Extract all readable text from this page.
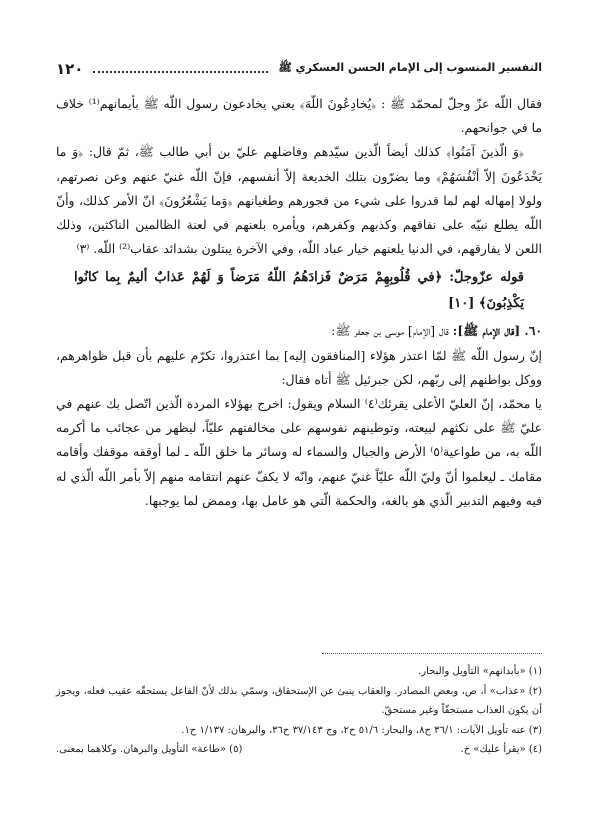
١٢٠	التفسير المنسوب إلى الإمام الحسن العسكري ﷺ

فقال اللّه عزّ وجلّ لمحمّد ﷺ : ﴿يُخادِعُونَ اللّهَ﴾ يعني يخادعون رسول اللّه ﷺ بأيمانهم⁽¹⁾ خلاف ما في جوانحهم.

﴿وَ الّذينَ آمَنُوا﴾ كذلك أيضاً الّذين سيّدهم وفاضلهم عليّ بن أبي طالب ﷺ، ثمّ قال: ﴿وَ ما يَخْدَعُونَ إلاّ أنْفُسَهُمْ﴾ وما يضرّون بتلك الخديعة إلاّ أنفسهم، فإنّ اللّه غنيّ عنهم وعن نصرتهم، ولولا إمهاله لهم لما قدروا على شيء من فجورهم وطغيانهم ﴿وَما يَشْعُرُونَ﴾ انّ الأمر كذلك، وأنّ اللّه يطلع نبيّه على نفاقهم وكذبهم وكفرهم، ويأمره بلعنهم في لعنة الظالمين الناكثين، وذلك اللعن لا يفارقهم، في الدنيا يلعنهم خيار عباد اللّه، وفي الآخرة يبتلون بشدائد عقاب⁽²⁾ اللّه. ⁽٣⁾

قوله عزّوجلّ: ﴿في قُلُوبِهِمْ مَرَضٌ فَزادَهُمُ اللّهُ مَرَضاً وَ لَهُمْ عَذابٌ أليمٌ بِما كانُوا يَكْذِبُونَ﴾ [١٠]

٦٠. [قال الإمام ﷺ]: قال [الإمام] موسى بن جعفر ﷺ:

إنّ رسول اللّه ﷺ لمّا اعتذر هؤلاء [المنافقون إليه] بما اعتذروا، تكرّم عليهم بأن قبل ظواهرهم، ووكل بواطنهم إلى ربّهم، لكن جبرئيل ﷺ أتاه فقال:

يا محمّد، إنّ العليّ الأعلى يقرئك⁽٤⁾ السلام ويقول: اخرج بهؤلاء المردة الّذين اتّصل بك عنهم في عليّ ﷺ على نكثهم لبيعته، وتوطينهم نفوسهم على مخالفتهم عليّاً، ليظهر من عجائب ما أكرمه اللّه به، من طواعية⁽٥⁾ الأرض والجبال والسماء له وسائر ما خلق اللّه ـ لما أوقفه موقفك وأقامه مقامك ـ ليعلموا أنّ وليّ اللّه عليّاً غنيّ عنهم، وانّه لا يكفّ عنهم انتقامه منهم إلاّ بأمر اللّه الّذي له فيه وفيهم التدبير الّذي هو بالغه، والحكمة الّتي هو عامل بها، وممض لما يوجبها.

(١) «بأبدانهم» التأويل والبحار.

(٢) «عذاب» أ، ص، وبعض المصادر. والعقاب ينبئ عن الإستحقاق، وسمّي بذلك لأنّ الفاعل يستحقّه عقيب فعله، ويجوز أن يكون العذاب مستحقّاً وغير مستحقّ.

(٣) عنه تأويل الآيات: ٣٦/١ ح٨، والبحار: ٥١/٦ ح٢، وج ٣٧/١٤٣ ح٣٦، والبرهان: ١/١٣٧ ح١.

(٤) «يقرأ عليك» خ.
(٥) «طاعة» التأويل والبرهان. وكلاهما بمعنى.
